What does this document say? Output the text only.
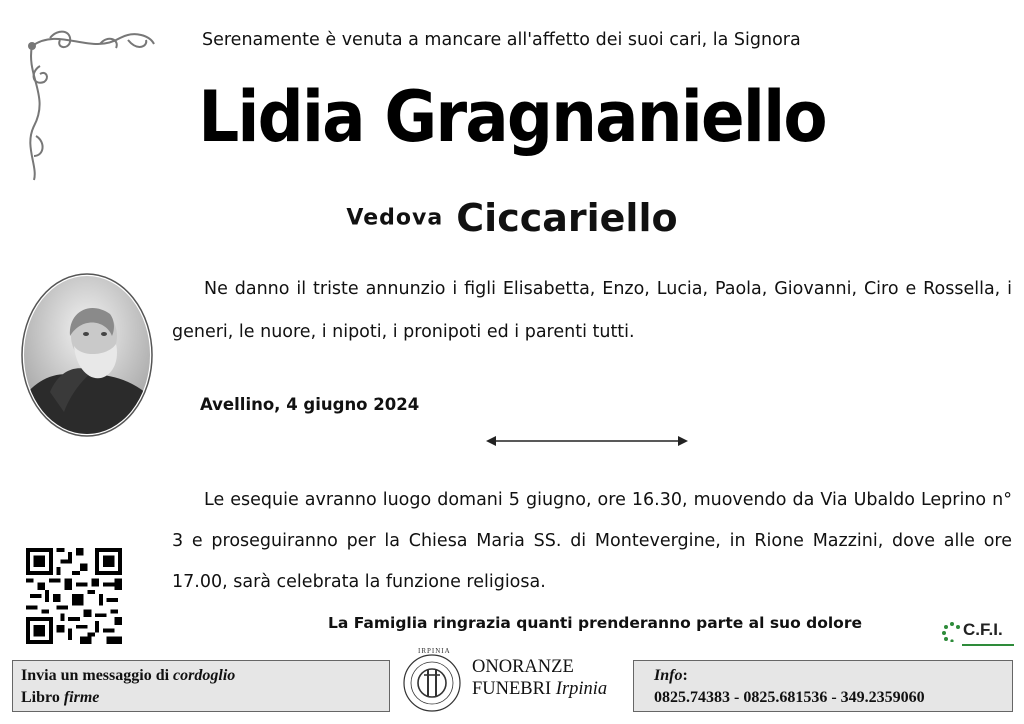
Serenamente è venuta a mancare all'affetto dei suoi cari, la Signora
Lidia Gragnaniello
Vedova Ciccariello
Ne danno il triste annunzio i figli Elisabetta, Enzo, Lucia, Paola, Giovanni, Ciro e Rossella, i generi, le nuore, i nipoti, i pronipoti ed i parenti tutti.
Avellino, 4 giugno 2024
Le esequie avranno luogo domani 5 giugno, ore 16.30, muovendo da Via Ubaldo Leprino n° 3 e proseguiranno per la Chiesa Maria SS. di Montevergine, in Rione Mazzini, dove alle ore 17.00, sarà celebrata la funzione religiosa.
La Famiglia ringrazia quanti prenderanno parte al suo dolore	C.F.I.
Invia un messaggio di cordoglio
Libro firme
IRPINIA
ONORANZE
FUNEBRI Irpinia
Info:
0825.74383 - 0825.681536 - 349.2359060
